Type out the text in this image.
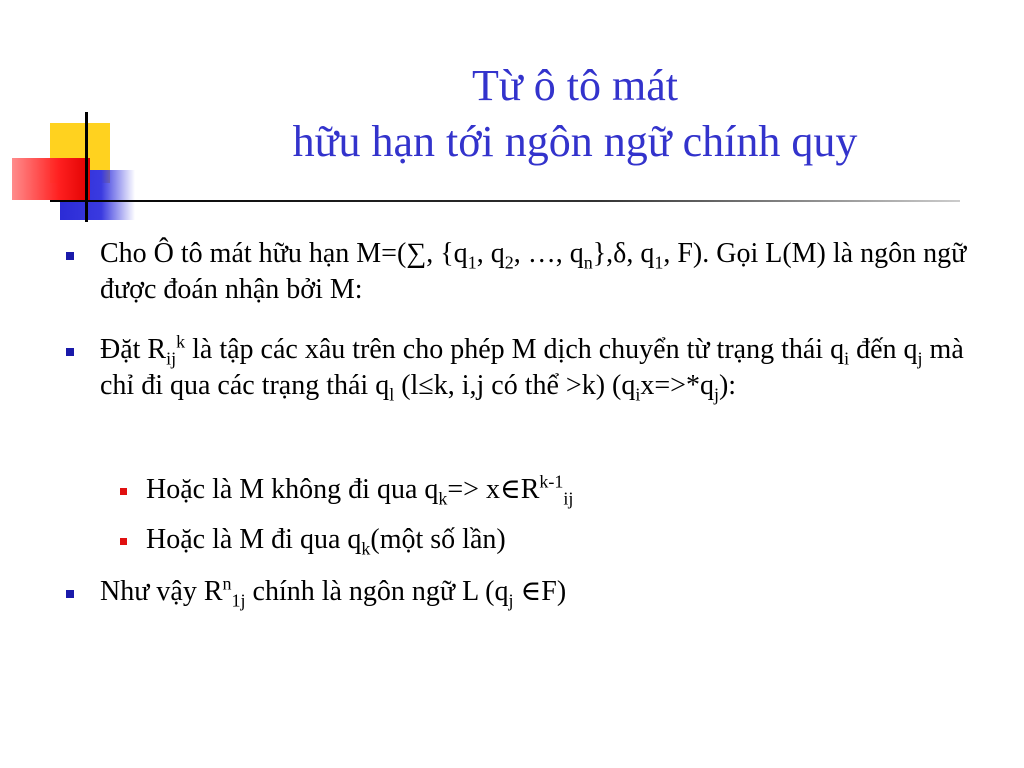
Từ ô tô mát
hữu hạn tới ngôn ngữ chính quy
Cho Ô tô mát hữu hạn M=(∑, {$q_1$, $q_2$, …, $q_n\},\delta$, $q_1$, F). Gọi L(M) là ngôn ngữ được đoán nhận bởi M:
Đặt $R_{ij}^k$ là tập các xâu trên cho phép M dịch chuyển từ trạng thái $q_i$ đến $q_j$ mà chỉ đi qua các trạng thái $q_l$ (l≤k, i,j có thể >k) $(q_ix=>*q_j)$:
Hoặc là M không đi qua $q_k=>$ $x\in R^{k-1}_{ij}$
Hoặc là M đi qua $q_k(một$ số lần)
Như vậy $R^n_{1j}$ chính là ngôn ngữ L ($q_j$ ∈F)
